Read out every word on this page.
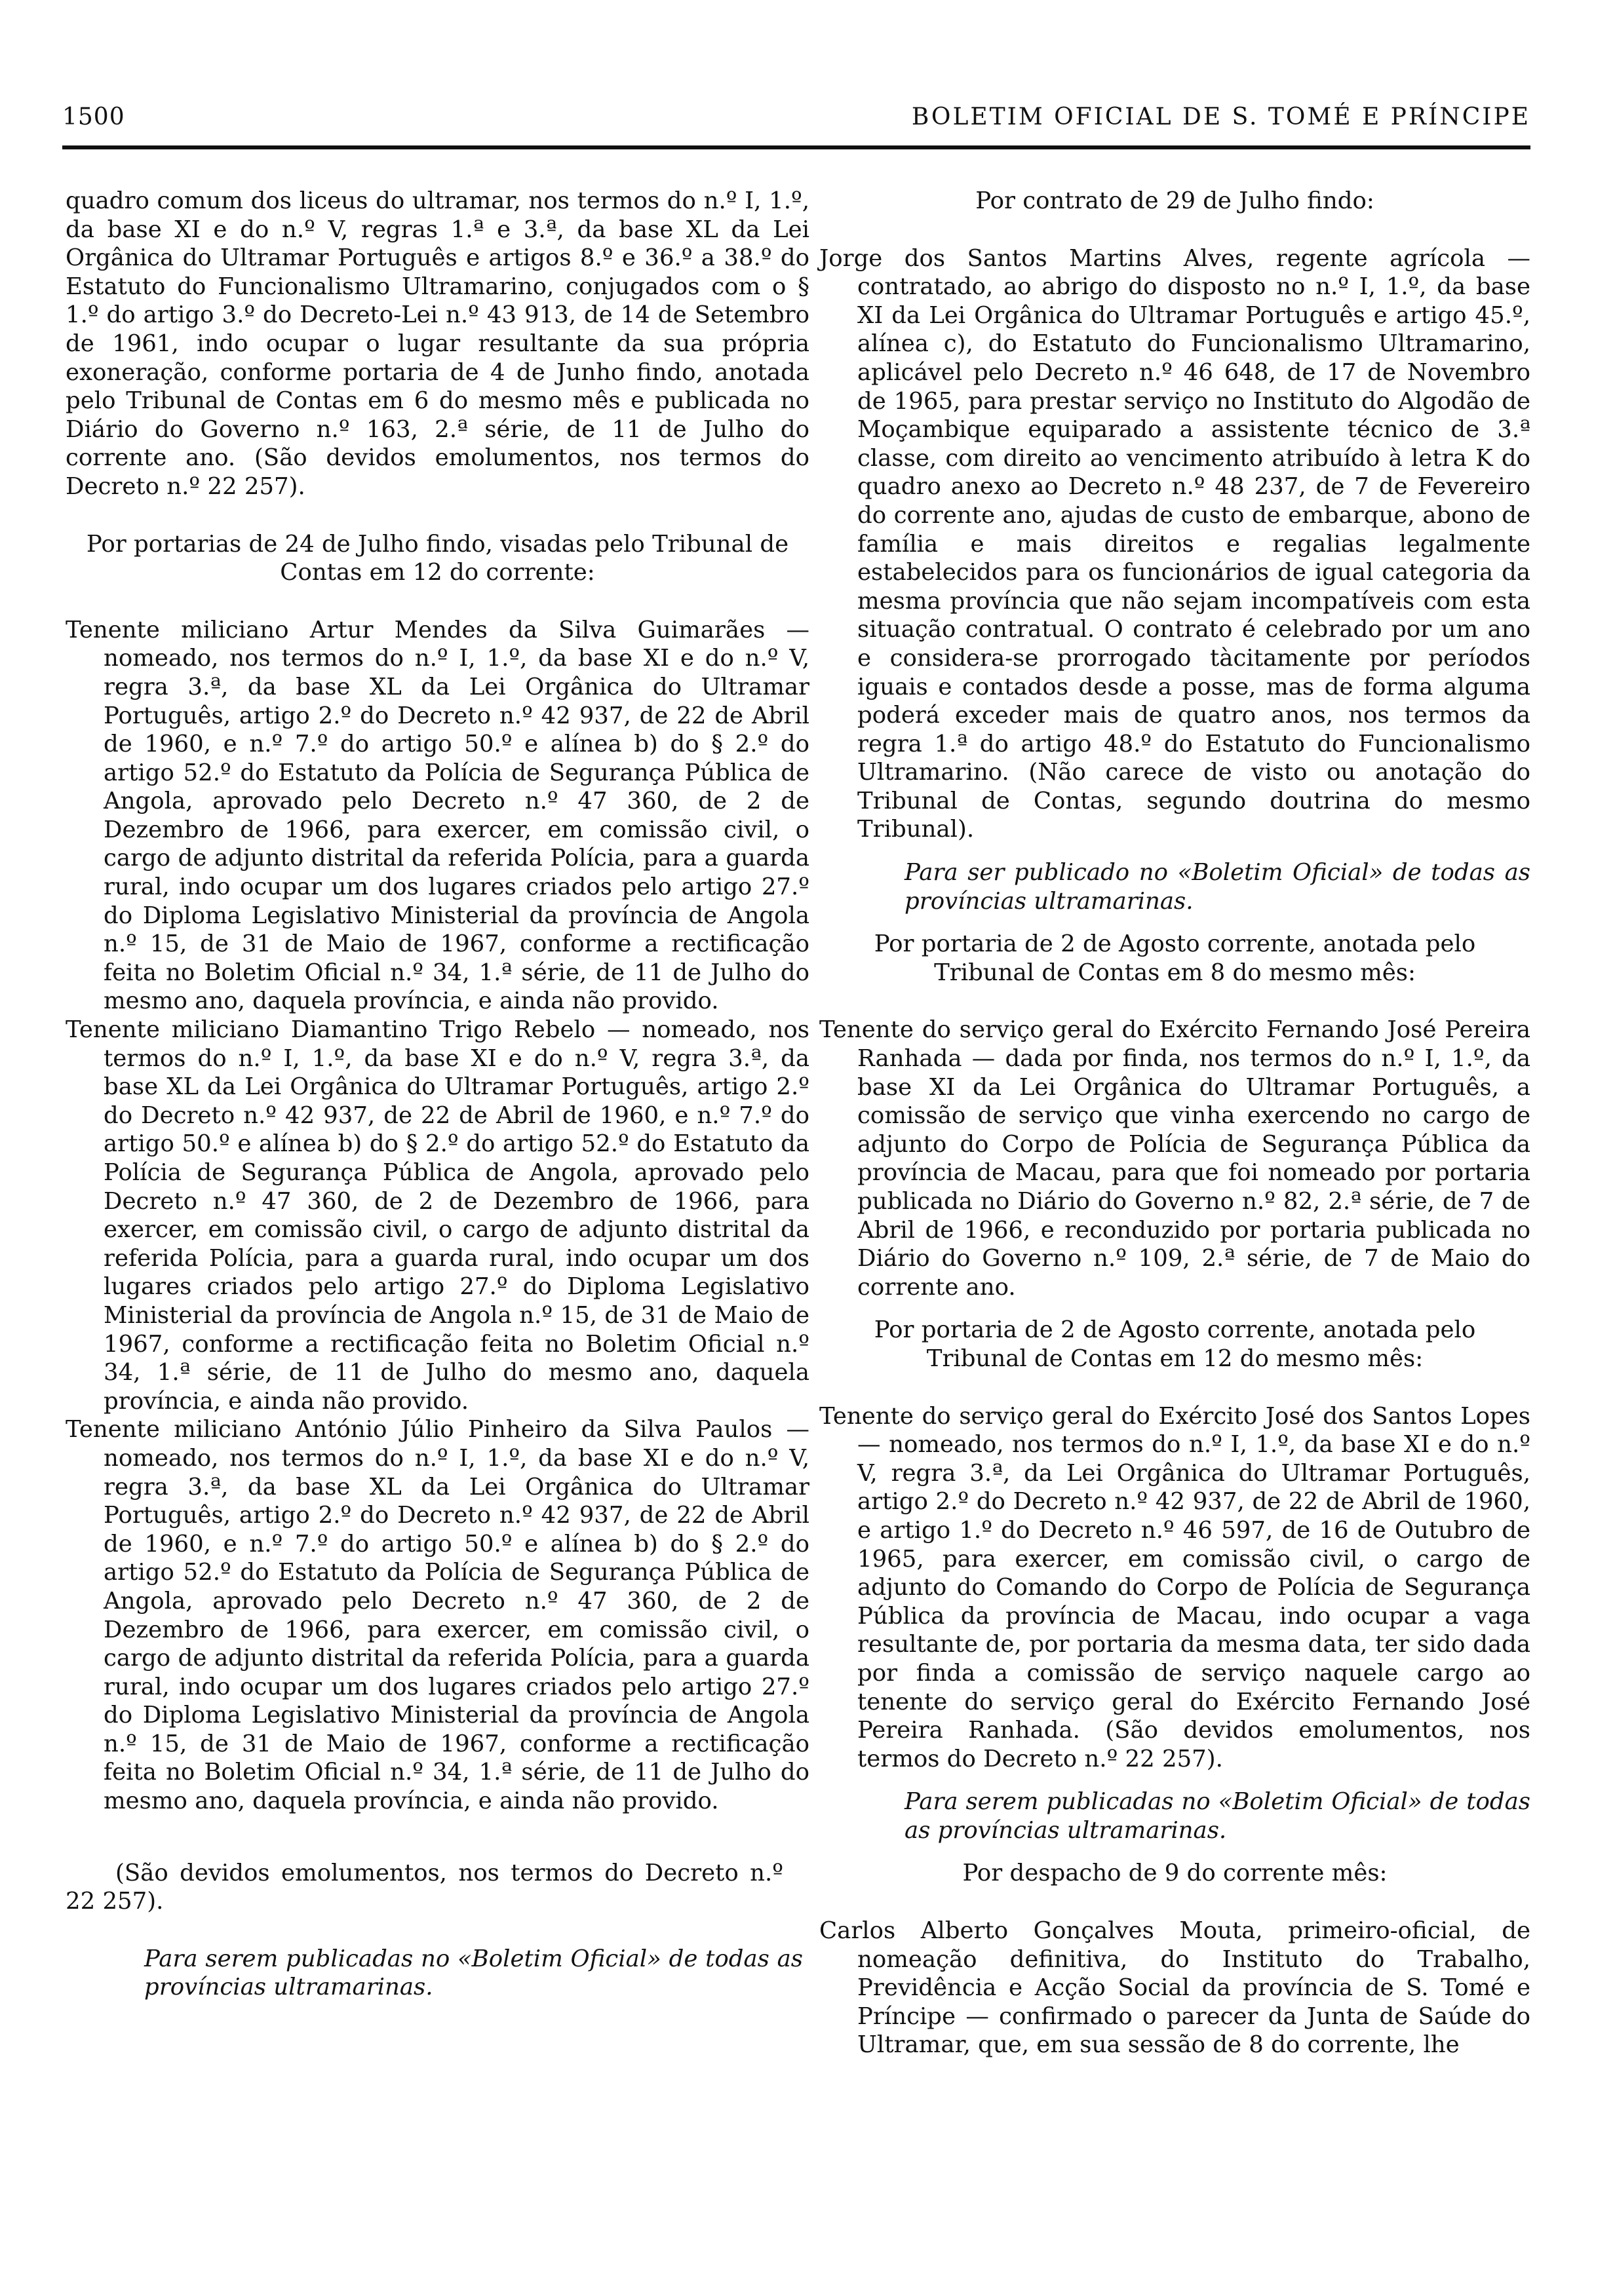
1500	BOLETIM OFICIAL DE S. TOMÉ E PRÍNCIPE

quadro comum dos liceus do ultramar, nos termos do n.º I, 1.º, da base XI e do n.º V, regras 1.ª e 3.ª, da base XL da Lei Orgânica do Ultramar Português e artigos 8.º e 36.º a 38.º do Estatuto do Funcionalismo Ultramarino, conjugados com o § 1.º do artigo 3.º do Decreto-Lei n.º 43 913, de 14 de Setembro de 1961, indo ocupar o lugar resultante da sua própria exoneração, conforme portaria de 4 de Junho findo, anotada pelo Tribunal de Contas em 6 do mesmo mês e publicada no Diário do Governo n.º 163, 2.ª série, de 11 de Julho do corrente ano. (São devidos emolumentos, nos termos do Decreto n.º 22 257).

Por portarias de 24 de Julho findo, visadas pelo Tribunal de Contas em 12 do corrente:

Tenente miliciano Artur Mendes da Silva Guimarães — nomeado, nos termos do n.º I, 1.º, da base XI e do n.º V, regra 3.ª, da base XL da Lei Orgânica do Ultramar Português, artigo 2.º do Decreto n.º 42 937, de 22 de Abril de 1960, e n.º 7.º do artigo 50.º e alínea b) do § 2.º do artigo 52.º do Estatuto da Polícia de Segurança Pública de Angola, aprovado pelo Decreto n.º 47 360, de 2 de Dezembro de 1966, para exercer, em comissão civil, o cargo de adjunto distrital da referida Polícia, para a guarda rural, indo ocupar um dos lugares criados pelo artigo 27.º do Diploma Legislativo Ministerial da província de Angola n.º 15, de 31 de Maio de 1967, conforme a rectificação feita no Boletim Oficial n.º 34, 1.ª série, de 11 de Julho do mesmo ano, daquela província, e ainda não provido.

Tenente miliciano Diamantino Trigo Rebelo — nomeado, nos termos do n.º I, 1.º, da base XI e do n.º V, regra 3.ª, da base XL da Lei Orgânica do Ultramar Português, artigo 2.º do Decreto n.º 42 937, de 22 de Abril de 1960, e n.º 7.º do artigo 50.º e alínea b) do § 2.º do artigo 52.º do Estatuto da Polícia de Segurança Pública de Angola, aprovado pelo Decreto n.º 47 360, de 2 de Dezembro de 1966, para exercer, em comissão civil, o cargo de adjunto distrital da referida Polícia, para a guarda rural, indo ocupar um dos lugares criados pelo artigo 27.º do Diploma Legislativo Ministerial da província de Angola n.º 15, de 31 de Maio de 1967, conforme a rectificação feita no Boletim Oficial n.º 34, 1.ª série, de 11 de Julho do mesmo ano, daquela província, e ainda não provido.

Tenente miliciano António Júlio Pinheiro da Silva Paulos — nomeado, nos termos do n.º I, 1.º, da base XI e do n.º V, regra 3.ª, da base XL da Lei Orgânica do Ultramar Português, artigo 2.º do Decreto n.º 42 937, de 22 de Abril de 1960, e n.º 7.º do artigo 50.º e alínea b) do § 2.º do artigo 52.º do Estatuto da Polícia de Segurança Pública de Angola, aprovado pelo Decreto n.º 47 360, de 2 de Dezembro de 1966, para exercer, em comissão civil, o cargo de adjunto distrital da referida Polícia, para a guarda rural, indo ocupar um dos lugares criados pelo artigo 27.º do Diploma Legislativo Ministerial da província de Angola n.º 15, de 31 de Maio de 1967, conforme a rectificação feita no Boletim Oficial n.º 34, 1.ª série, de 11 de Julho do mesmo ano, daquela província, e ainda não provido.

(São devidos emolumentos, nos termos do Decreto n.º 22 257).

Para serem publicadas no «Boletim Oficial» de todas as províncias ultramarinas.

Por contrato de 29 de Julho findo:

Jorge dos Santos Martins Alves, regente agrícola — contratado, ao abrigo do disposto no n.º I, 1.º, da base XI da Lei Orgânica do Ultramar Português e artigo 45.º, alínea c), do Estatuto do Funcionalismo Ultramarino, aplicável pelo Decreto n.º 46 648, de 17 de Novembro de 1965, para prestar serviço no Instituto do Algodão de Moçambique equiparado a assistente técnico de 3.ª classe, com direito ao vencimento atribuído à letra K do quadro anexo ao Decreto n.º 48 237, de 7 de Fevereiro do corrente ano, ajudas de custo de embarque, abono de família e mais direitos e regalias legalmente estabelecidos para os funcionários de igual categoria da mesma província que não sejam incompatíveis com esta situação contratual. O contrato é celebrado por um ano e considera-se prorrogado tàcitamente por períodos iguais e contados desde a posse, mas de forma alguma poderá exceder mais de quatro anos, nos termos da regra 1.ª do artigo 48.º do Estatuto do Funcionalismo Ultramarino. (Não carece de visto ou anotação do Tribunal de Contas, segundo doutrina do mesmo Tribunal).

Para ser publicado no «Boletim Oficial» de todas as províncias ultramarinas.

Por portaria de 2 de Agosto corrente, anotada pelo Tribunal de Contas em 8 do mesmo mês:

Tenente do serviço geral do Exército Fernando José Pereira Ranhada — dada por finda, nos termos do n.º I, 1.º, da base XI da Lei Orgânica do Ultramar Português, a comissão de serviço que vinha exercendo no cargo de adjunto do Corpo de Polícia de Segurança Pública da província de Macau, para que foi nomeado por portaria publicada no Diário do Governo n.º 82, 2.ª série, de 7 de Abril de 1966, e reconduzido por portaria publicada no Diário do Governo n.º 109, 2.ª série, de 7 de Maio do corrente ano.

Por portaria de 2 de Agosto corrente, anotada pelo Tribunal de Contas em 12 do mesmo mês:

Tenente do serviço geral do Exército José dos Santos Lopes — nomeado, nos termos do n.º I, 1.º, da base XI e do n.º V, regra 3.ª, da Lei Orgânica do Ultramar Português, artigo 2.º do Decreto n.º 42 937, de 22 de Abril de 1960, e artigo 1.º do Decreto n.º 46 597, de 16 de Outubro de 1965, para exercer, em comissão civil, o cargo de adjunto do Comando do Corpo de Polícia de Segurança Pública da província de Macau, indo ocupar a vaga resultante de, por portaria da mesma data, ter sido dada por finda a comissão de serviço naquele cargo ao tenente do serviço geral do Exército Fernando José Pereira Ranhada. (São devidos emolumentos, nos termos do Decreto n.º 22 257).

Para serem publicadas no «Boletim Oficial» de todas as províncias ultramarinas.

Por despacho de 9 do corrente mês:

Carlos Alberto Gonçalves Mouta, primeiro-oficial, de nomeação definitiva, do Instituto do Trabalho, Previdência e Acção Social da província de S. Tomé e Príncipe — confirmado o parecer da Junta de Saúde do Ultramar, que, em sua sessão de 8 do corrente, lhe
